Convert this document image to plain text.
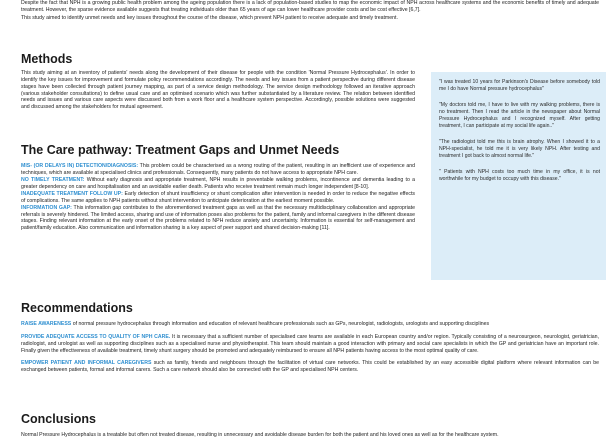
Despite the fact that NPH is a growing public health problem among the ageing population there is a lack of population-based studies to map the economic impact of NPH across healthcare systems and the economic benefits of timely and adequate treatment. However, the sparse evidence available suggests that treating individuals older than 65 years of age can lower healthcare provider costs and be cost effective [6,7].

This study aimed to identify unmet needs and key issues throughout the course of the disease, which prevent NPH patient to receive adequate and timely treatment.

Methods

This study aiming at an inventory of patients' needs along the development of their disease for people with the condition 'Normal Pressure Hydrocephalus'. In order to identify the key issues for improvement and formulate policy recommendations accordingly. The needs and key issues from a patient perspective during different disease stages have been collected through patient journey mapping, as part of a service design methodology. The service design methodology followed an iterative approach (various stakeholder consultations) to define usual care and an optimised scenario which was further substantiated by a literature review. The relation between identified needs and issues and various care aspects were discussed both from a work floor and a healthcare system perspective. Accordingly, possible solutions were suggested and discussed among the stakeholders for mutual agreement.

The Care pathway: Treatment Gaps and Unmet Needs

MIS- (OR DELAYS IN) DETECTION/DIAGNOSIS: This problem could be characterised as a wrong routing of the patient, resulting in an inefficient use of experience and techniques, which are available at specialised clinics and professionals. Consequently, many patients do not have access to appropriate NPH care.

NO TIMELY TREATMENT: Without early diagnosis and appropriate treatment, NPH results in preventable walking problems, incontinence and dementia leading to a greater dependency on care and hospitalisation and an avoidable earlier death. Patients who receive treatment remain much longer independent [8-10].

INADEQUATE TREATMENT FOLLOW UP: Early detection of shunt insufficiency or shunt complication after intervention is needed in order to reduce the negative effects of complications. The same applies to NPH patients without shunt intervention to anticipate deterioration at the earliest moment possible.

INFORMATION GAP: This information gap contributes to the aforementioned treatment gaps as well as that the necessary multidisciplinary collaboration and appropriate referrals is severely hindered. The limited access, sharing and use of information poses also problems for the patient, family and informal caregivers in the different disease stages. Finding relevant information at the early onset of the problems related to NPH reduce anxiety and uncertainty. Information is essential for self-management and patient/family education. Also communication and information sharing is a key aspect of peer support and shared decision-making [11].

"I was treated 10 years for Parkinson's Disease before somebody told me I do have Normal pressure hydrocephalus"

"My doctors told me, I have to live with my walking problems, there is no treatment. Then I read the article in the newspaper about Normal Pressure Hydrocephalus and I recognized myself. After getting treatment, I can participate at my social life again.."

"The radiologist told me this is brain atrophy. When I showed it to a NPH-specialist, he told me it is very likely NPH. After testing and treatment I got back to almost normal life."

" Patients with NPH costs too much time in my office, it is not worthwhile for my budget to occupy with this disease."

Recommendations

RAISE AWARENESS of normal pressure hydrocephalus through information and education of relevant healthcare professionals such as GPs, neurologist, radiologists, urologists and supporting disciplines

PROVIDE ADEQUATE ACCESS TO QUALITY OF NPH CARE. It is necessary that a sufficient number of specialised care teams are available in each European country and/or region. Typically consisting of a neurosurgeon, neurologist, geriatrician, radiologist, and urologist as well as supporting disciplines such as a specialised nurse and physiotherapist. This team should maintain a good interaction with primary and social care specialists in which the GP and geriatrician have an important role. Finally given the effectiveness of available treatment, timely shunt surgery should be promoted and adequately reimbursed to ensure all NPH patients having access to the most optimal quality of care.

EMPOWER PATIENT AND INFORMAL CAREGIVERS such as family, friends and neighbours through the facilitation of virtual care networks. This could be established by an easy accessible digital platform where relevant information can be exchanged between patients, formal and informal carers. Such a care network should also be connected with the GP and specialised NPH centers.

Conclusions

Normal Pressure Hydrocephalus is a treatable but often not treated disease, resulting in unnecessary and avoidable disease burden for both the patient and his loved ones as well as for the healthcare system.
